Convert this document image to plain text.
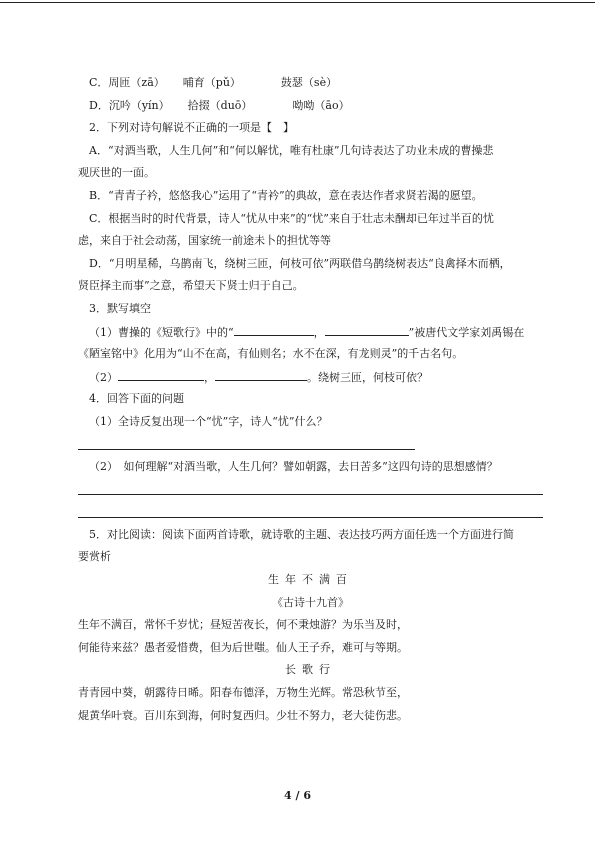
C．周匝（zā） 哺育（pǔ）	鼓瑟（sè）
D．沉吟（yín） 拾掇（duō）	呦呦（āo）
2．下列对诗句解说不正确的一项是【　】
A．“对酒当歌，人生几何”和“何以解忧，唯有杜康”几句诗表达了功业未成的曹操悲
观厌世的一面。
B．“青青子衿，悠悠我心”运用了“青衿”的典故，意在表达作者求贤若渴的愿望。
C．根据当时的时代背景，诗人“忧从中来”的“忧”来自于壮志未酬却已年过半百的忧
虑，来自于社会动荡，国家统一前途未卜的担忧等等
D．“月明星稀，乌鹊南飞，绕树三匝，何枝可依”两联借乌鹊绕树表达“良禽择木而栖，
贤臣择主而事”之意，希望天下贤士归于自己。
3．默写填空
（1）曹操的《短歌行》中的“	，	”被唐代文学家刘禹锡在
《陋室铭中》化用为“山不在高，有仙则名；水不在深，有龙则灵”的千古名句。
（2）	，	。绕树三匝，何枝可依？
4．回答下面的问题
（1）全诗反复出现一个“忧”字，诗人“忧”什么？
（2）　如何理解“对酒当歌，人生几何？譬如朝露，去日苦多”这四句诗的思想感情？
5．对比阅读：阅读下面两首诗歌，就诗歌的主题、表达技巧两方面任选一个方面进行简
要赏析
生年不满百
《古诗十九首》
生年不满百，常怀千岁忧；昼短苦夜长，何不秉烛游？为乐当及时，
何能待来兹？愚者爱惜费，但为后世嗤。仙人王子乔，难可与等期。
长歌行
青青园中葵，朝露待日晞。阳春布德泽，万物生光辉。常恐秋节至，
焜黄华叶衰。百川东到海，何时复西归。少壮不努力，老大徒伤悲。
4 / 6
